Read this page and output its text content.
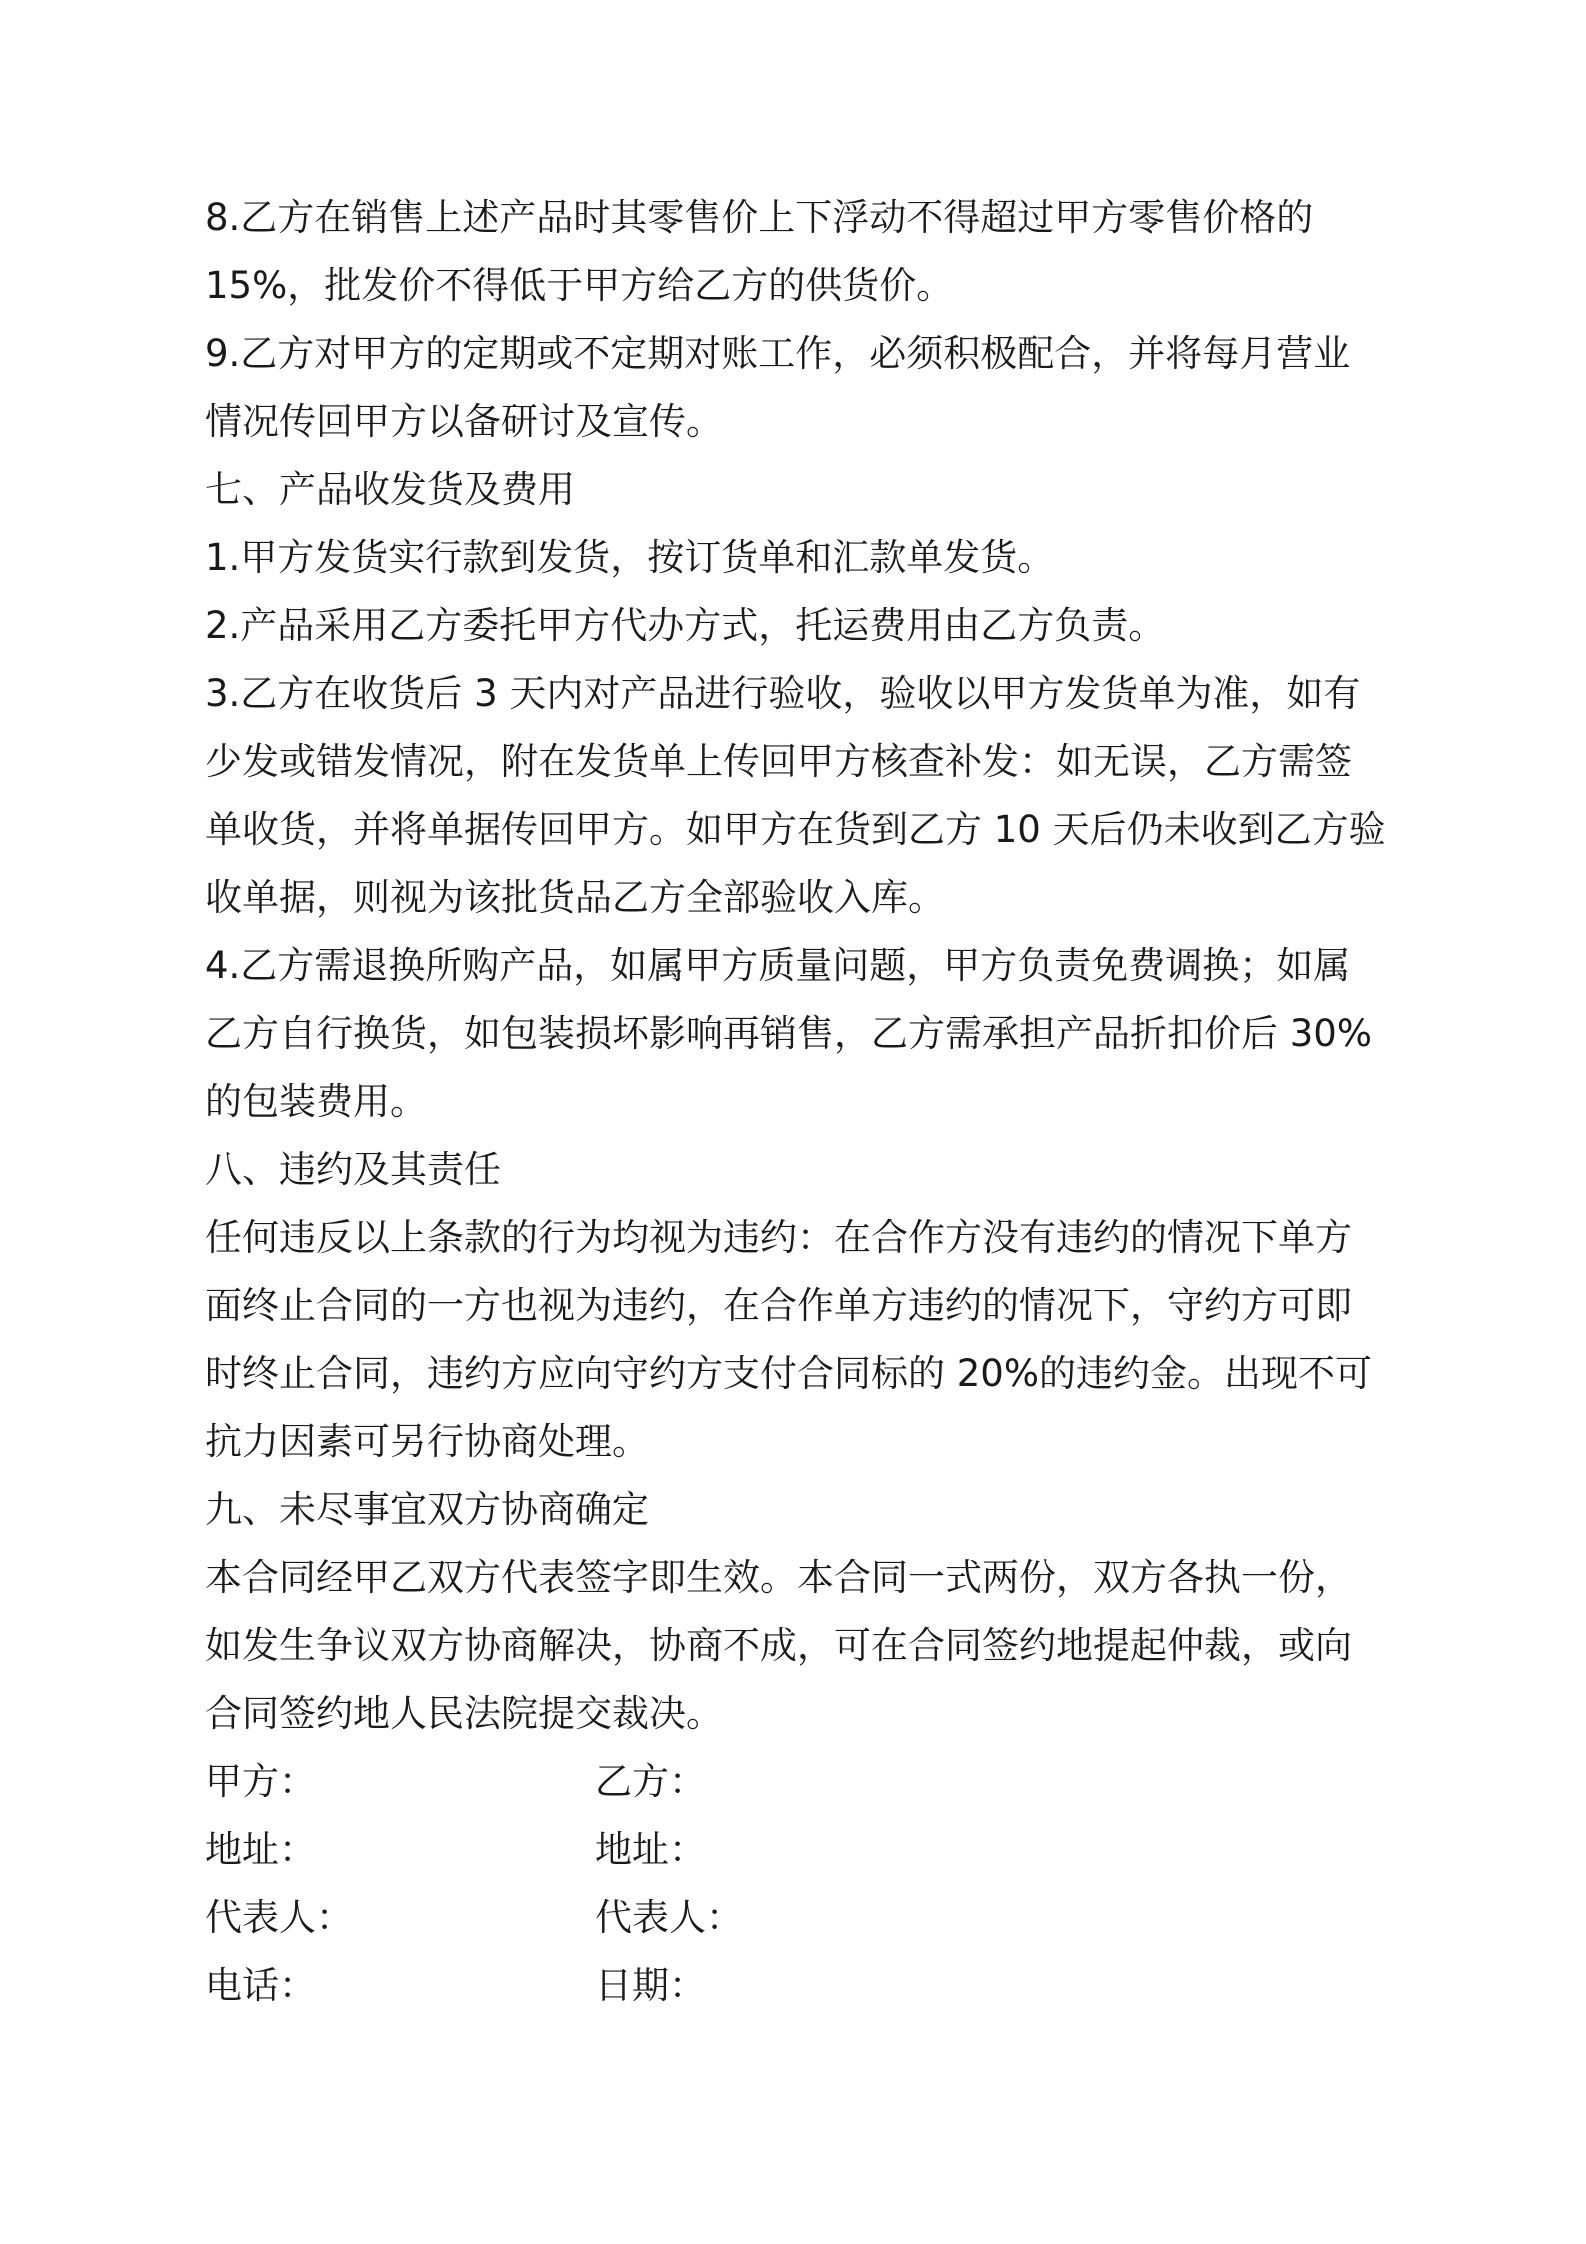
8.乙方在销售上述产品时其零售价上下浮动不得超过甲方零售价格的
15%，批发价不得低于甲方给乙方的供货价。
9.乙方对甲方的定期或不定期对账工作，必须积极配合，并将每月营业
情况传回甲方以备研讨及宣传。
七、产品收发货及费用
1.甲方发货实行款到发货，按订货单和汇款单发货。
2.产品采用乙方委托甲方代办方式，托运费用由乙方负责。
3.乙方在收货后 3 天内对产品进行验收，验收以甲方发货单为准，如有
少发或错发情况，附在发货单上传回甲方核查补发：如无误，乙方需签
单收货，并将单据传回甲方。如甲方在货到乙方 10 天后仍未收到乙方验
收单据，则视为该批货品乙方全部验收入库。
4.乙方需退换所购产品，如属甲方质量问题，甲方负责免费调换；如属
乙方自行换货，如包装损坏影响再销售，乙方需承担产品折扣价后 30%
的包装费用。
八、违约及其责任
任何违反以上条款的行为均视为违约：在合作方没有违约的情况下单方
面终止合同的一方也视为违约，在合作单方违约的情况下，守约方可即
时终止合同，违约方应向守约方支付合同标的 20%的违约金。出现不可
抗力因素可另行协商处理。
九、未尽事宜双方协商确定
本合同经甲乙双方代表签字即生效。本合同一式两份，双方各执一份，
如发生争议双方协商解决，协商不成，可在合同签约地提起仲裁，或向
合同签约地人民法院提交裁决。
甲方：	乙方：
地址：	地址：
代表人：	代表人：
电话：	日期：
